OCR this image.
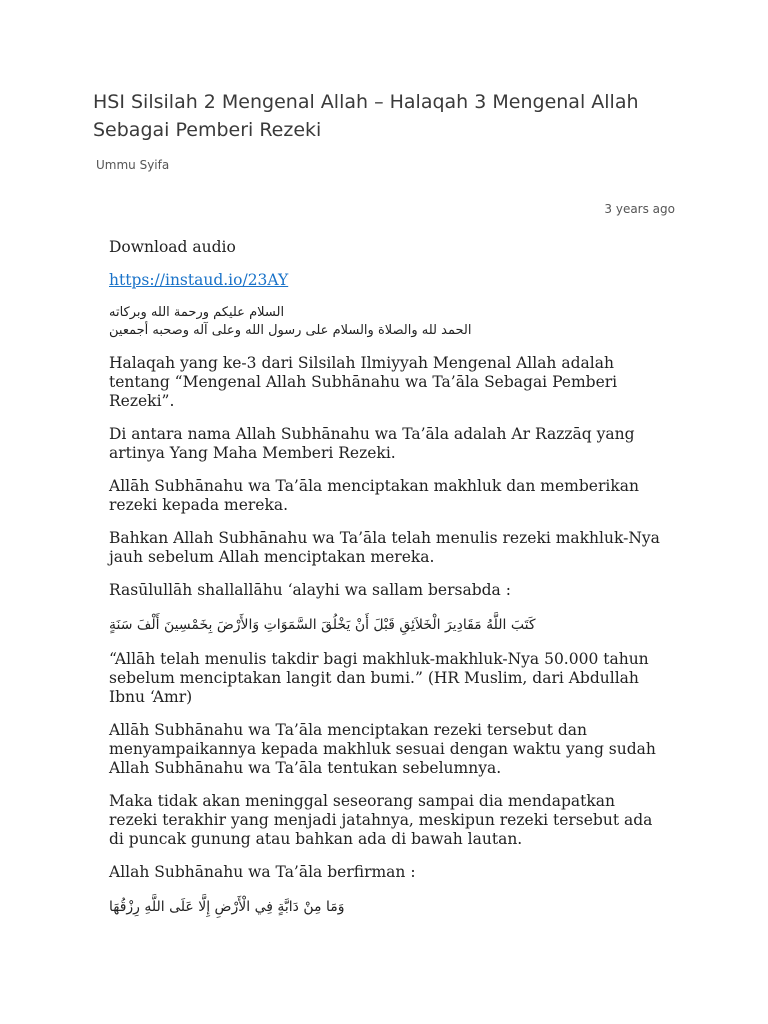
HSI Silsilah 2 Mengenal Allah – Halaqah 3 Mengenal Allah Sebagai Pemberi Rezeki
Ummu Syifa
3 years ago

Download audio

https://instaud.io/23AY

السلام عليكم ورحمة الله وبركاته
الحمد لله والصلاة والسلام على رسول الله وعلى آله وصحبه أجمعين

Halaqah yang ke-3 dari Silsilah Ilmiyyah Mengenal Allah adalah tentang “Mengenal Allah Subhānahu wa Ta’āla Sebagai Pemberi Rezeki”.

Di antara nama Allah Subhānahu wa Ta’āla adalah Ar Razzāq yang artinya Yang Maha Memberi Rezeki.

Allāh Subhānahu wa Ta’āla menciptakan makhluk dan memberikan rezeki kepada mereka.

Bahkan Allah Subhānahu wa Ta’āla telah menulis rezeki makhluk-Nya jauh sebelum Allah menciptakan mereka.

Rasūlullāh shallallāhu ‘alayhi wa sallam bersabda :

كَتَبَ اللَّهُ مَقَادِيرَ الْخَلاَئِقِ قَبْلَ أَنْ يَخْلُقَ السَّمَوَاتِ وَالأَرْضَ بِخَمْسِينَ أَلْفَ سَنَةٍ

“Allāh telah menulis takdir bagi makhluk-makhluk-Nya 50.000 tahun sebelum menciptakan langit dan bumi.” (HR Muslim, dari Abdullah Ibnu ‘Amr)

Allāh Subhānahu wa Ta’āla menciptakan rezeki tersebut dan menyampaikannya kepada makhluk sesuai dengan waktu yang sudah Allah Subhānahu wa Ta’āla tentukan sebelumnya.

Maka tidak akan meninggal seseorang sampai dia mendapatkan rezeki terakhir yang menjadi jatahnya, meskipun rezeki tersebut ada di puncak gunung atau bahkan ada di bawah lautan.

Allah Subhānahu wa Ta’āla berfirman :

وَمَا مِنْ دَابَّةٍ فِي الْأَرْضِ إِلَّا عَلَى اللَّهِ رِزْقُهَا
